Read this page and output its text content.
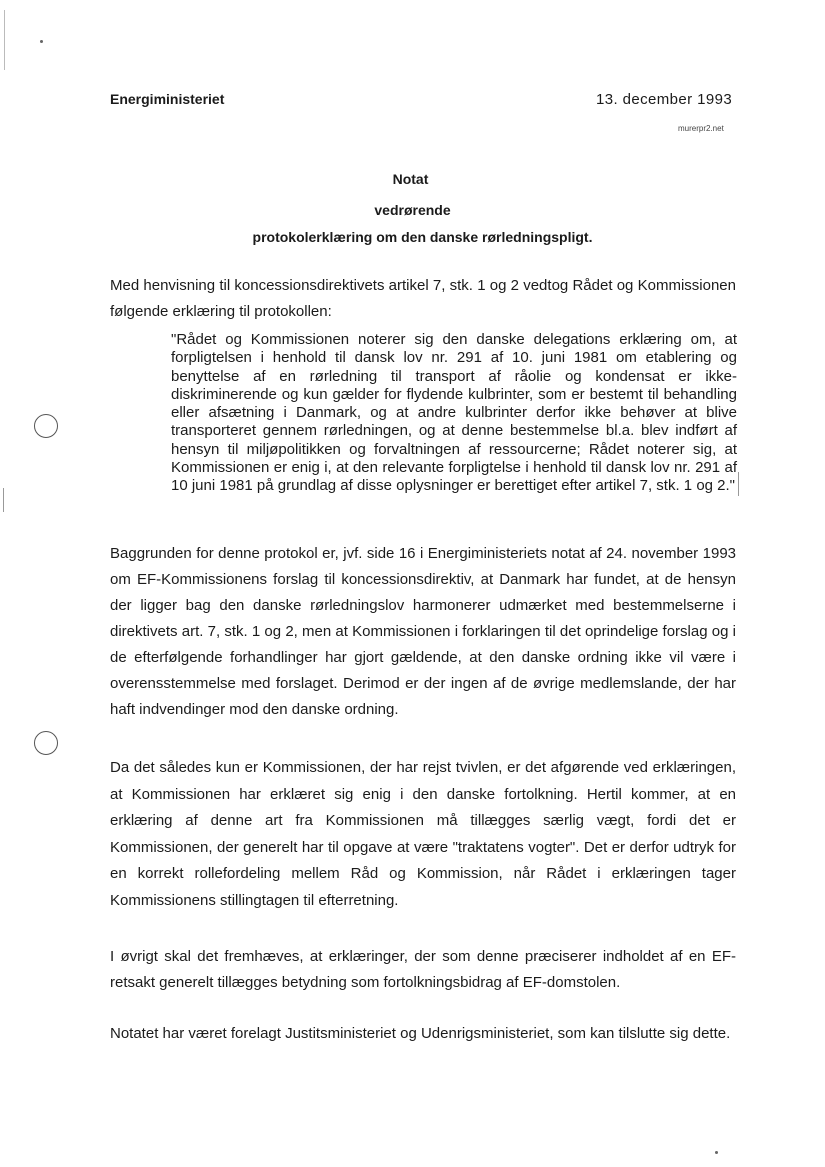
Energiministeriet	13. december 1993
murerpr2.net
Notat
vedrørende
protokolerklæring om den danske rørledningspligt.

Med henvisning til koncessionsdirektivets artikel 7, stk. 1 og 2 vedtog Rådet og Kommissionen følgende erklæring til protokollen:

"Rådet og Kommissionen noterer sig den danske delegations erklæring om, at forpligtelsen i henhold til dansk lov nr. 291 af 10. juni 1981 om etablering og benyttelse af en rørledning til transport af råolie og kondensat er ikke-diskriminerende og kun gælder for flydende kulbrinter, som er bestemt til behandling eller afsætning i Danmark, og at andre kulbrinter derfor ikke behøver at blive transporteret gennem rørledningen, og at denne bestemmelse bl.a. blev indført af hensyn til miljøpolitikken og forvaltningen af ressourcerne; Rådet noterer sig, at Kommissionen er enig i, at den relevante forpligtelse i henhold til dansk lov nr. 291 af 10 juni 1981 på grundlag af disse oplysninger er berettiget efter artikel 7, stk. 1 og 2."

Baggrunden for denne protokol er, jvf. side 16 i Energiministeriets notat af 24. november 1993 om EF-Kommissionens forslag til koncessionsdirektiv, at Danmark har fundet, at de hensyn der ligger bag den danske rørledningslov harmonerer udmærket med bestemmelserne i direktivets art. 7, stk. 1 og 2, men at Kommissionen i forklaringen til det oprindelige forslag og i de efterfølgende forhandlinger har gjort gældende, at den danske ordning ikke vil være i overensstemmelse med forslaget. Derimod er der ingen af de øvrige medlemslande, der har haft indvendinger mod den danske ordning.

Da det således kun er Kommissionen, der har rejst tvivlen, er det afgørende ved erklæringen, at Kommissionen har erklæret sig enig i den danske fortolkning. Hertil kommer, at en erklæring af denne art fra Kommissionen må tillægges særlig vægt, fordi det er Kommissionen, der generelt har til opgave at være "traktatens vogter". Det er derfor udtryk for en korrekt rollefordeling mellem Råd og Kommission, når Rådet i erklæringen tager Kommissionens stillingtagen til efterretning.

I øvrigt skal det fremhæves, at erklæringer, der som denne præciserer indholdet af en EF-retsakt generelt tillægges betydning som fortolkningsbidrag af EF-domstolen.

Notatet har været forelagt Justitsministeriet og Udenrigsministeriet, som kan tilslutte sig dette.
